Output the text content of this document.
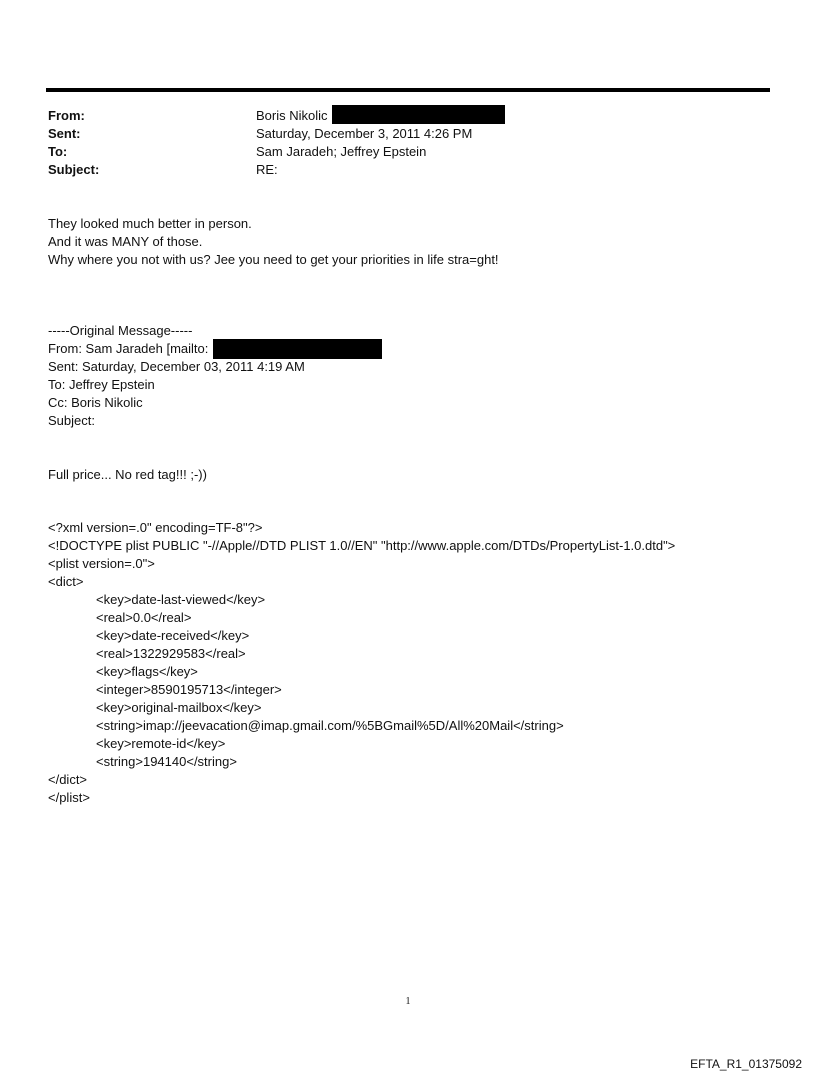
From:	Boris Nikolic
Sent:	Saturday, December 3, 2011 4:26 PM
To:	Sam Jaradeh; Jeffrey Epstein
Subject:	RE:
They looked much better in person.
And it was MANY of those.
Why where you not with us? Jee you need to get your priorities in life stra=ght!
-----Original Message-----
From: Sam Jaradeh [mailto:
Sent: Saturday, December 03, 2011 4:19 AM
To: Jeffrey Epstein
Cc: Boris Nikolic
Subject:
Full price... No red tag!!! ;-))
<?xml version=.0" encoding=TF-8"?>
<!DOCTYPE plist PUBLIC "-//Apple//DTD PLIST 1.0//EN" "http://www.apple.com/DTDs/PropertyList-1.0.dtd">
<plist version=.0">
<dict>
<key>date-last-viewed</key>
<real>0.0</real>
<key>date-received</key>
<real>1322929583</real>
<key>flags</key>
<integer>8590195713</integer>
<key>original-mailbox</key>
<string>imap://jeevacation@imap.gmail.com/%5BGmail%5D/All%20Mail</string>
<key>remote-id</key>
<string>194140</string>
</dict>
</plist>
1
EFTA_R1_01375092
